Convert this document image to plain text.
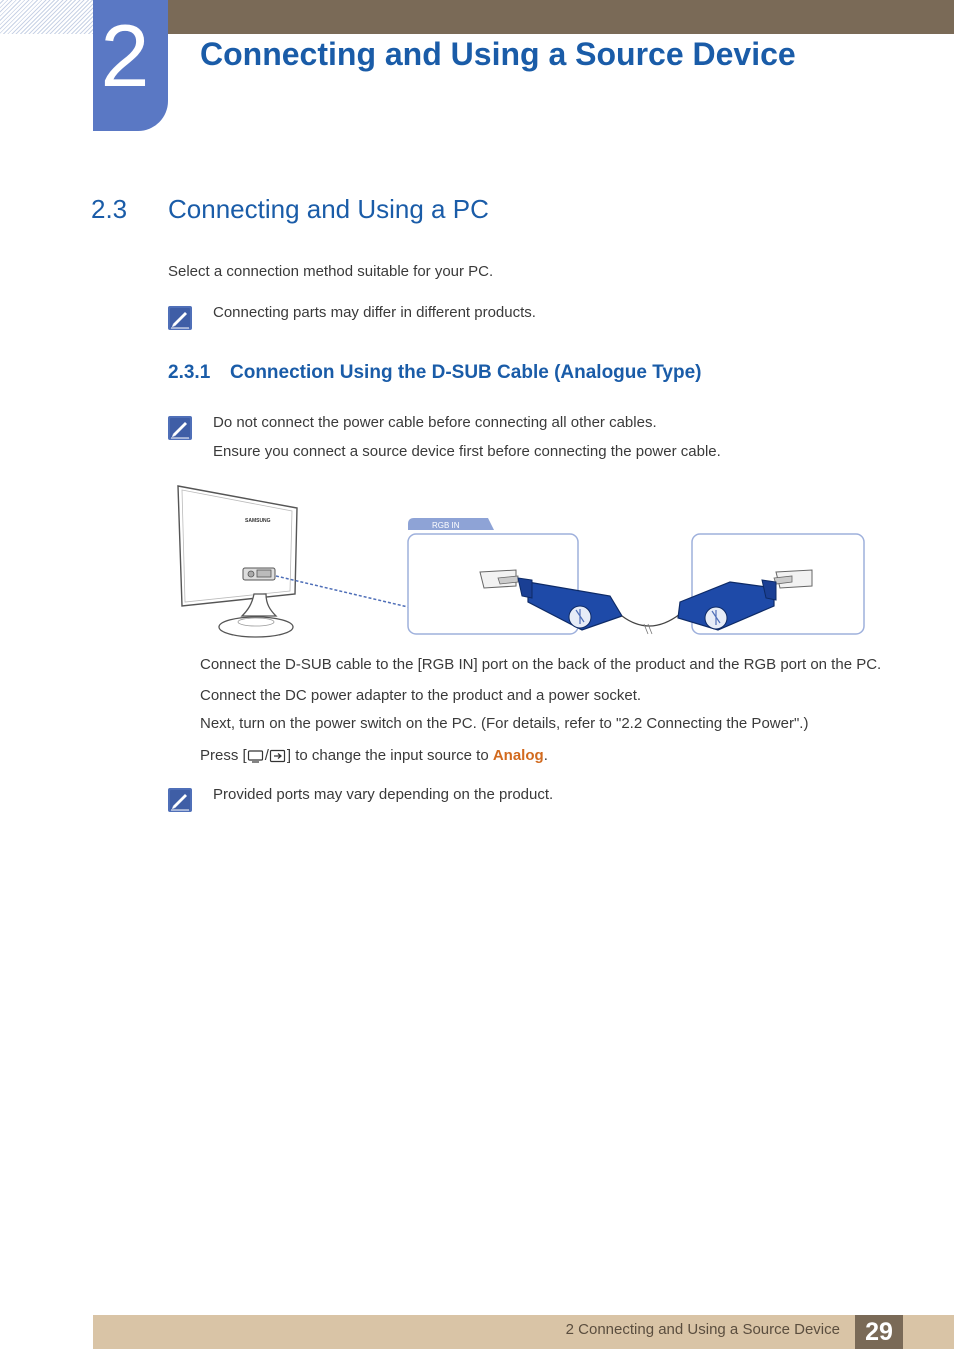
2 Connecting and Using a Source Device
2.3 Connecting and Using a PC
Select a connection method suitable for your PC.
Connecting parts may differ in different products.
2.3.1 Connection Using the D-SUB Cable (Analogue Type)
Do not connect the power cable before connecting all other cables.
Ensure you connect a source device first before connecting the power cable.
SAMSUNG	RGB IN
Connect the D-SUB cable to the [RGB IN] port on the back of the product and the RGB port on the PC.
Connect the DC power adapter to the product and a power socket.
Next, turn on the power switch on the PC. (For details, refer to "2.2 Connecting the Power".)
Press [ / ] to change the input source to Analog.
Provided ports may vary depending on the product.
2 Connecting and Using a Source Device	29
